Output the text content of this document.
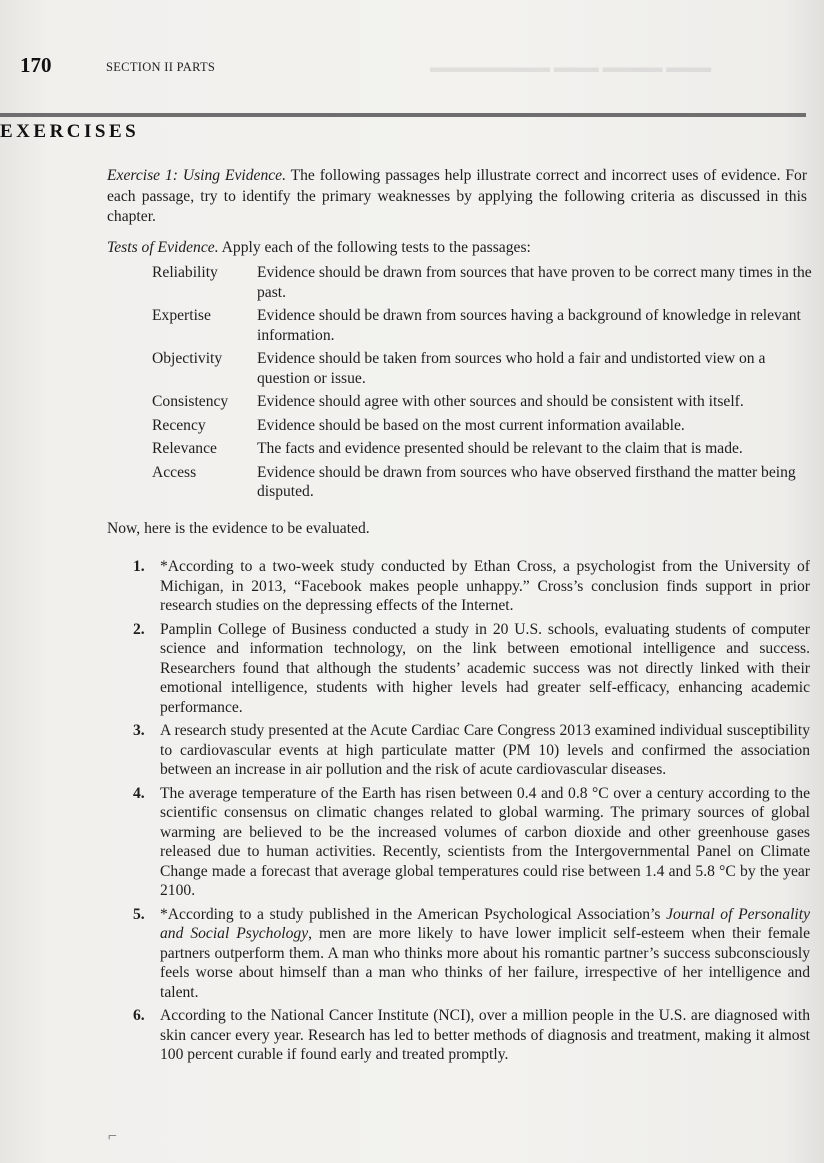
▬▬▬ ▬▬▬▬ ▬▬▬ ▬▬▬▬▬▬▬▬
170	SECTION II PARTS
EXERCISES
Exercise 1: Using Evidence. The following passages help illustrate correct and incorrect uses of evidence. For each passage, try to identify the primary weaknesses by applying the following criteria as discussed in this chapter.
Tests of Evidence. Apply each of the following tests to the passages:
Reliability	Evidence should be drawn from sources that have proven to be correct many times in the past.
Expertise	Evidence should be drawn from sources having a background of knowledge in relevant information.
Objectivity	Evidence should be taken from sources who hold a fair and undistorted view on a question or issue.
Consistency	Evidence should agree with other sources and should be consistent with itself.
Recency	Evidence should be based on the most current information available.
Relevance	The facts and evidence presented should be relevant to the claim that is made.
Access	Evidence should be drawn from sources who have observed firsthand the matter being disputed.
Now, here is the evidence to be evaluated.
1. *According to a two-week study conducted by Ethan Cross, a psychologist from the University of Michigan, in 2013, “Facebook makes people unhappy.” Cross’s conclusion finds support in prior research studies on the depressing effects of the Internet.
2. Pamplin College of Business conducted a study in 20 U.S. schools, evaluating students of computer science and information technology, on the link between emotional intelligence and success. Researchers found that although the students’ academic success was not directly linked with their emotional intelligence, students with higher levels had greater self-efficacy, enhancing academic performance.
3. A research study presented at the Acute Cardiac Care Congress 2013 examined individual susceptibility to cardiovascular events at high particulate matter (PM 10) levels and confirmed the association between an increase in air pollution and the risk of acute cardiovascular diseases.
4. The average temperature of the Earth has risen between 0.4 and 0.8 °C over a century according to the scientific consensus on climatic changes related to global warming. The primary sources of global warming are believed to be the increased volumes of carbon dioxide and other greenhouse gases released due to human activities. Recently, scientists from the Intergovernmental Panel on Climate Change made a forecast that average global temperatures could rise between 1.4 and 5.8 °C by the year 2100.
5. *According to a study published in the American Psychological Association’s Journal of Personality and Social Psychology, men are more likely to have lower implicit self-esteem when their female partners outperform them. A man who thinks more about his romantic partner’s success subconsciously feels worse about himself than a man who thinks of her failure, irrespective of her intelligence and talent.
6. According to the National Cancer Institute (NCI), over a million people in the U.S. are diagnosed with skin cancer every year. Research has led to better methods of diagnosis and treatment, making it almost 100 percent curable if found early and treated promptly.
⌐
